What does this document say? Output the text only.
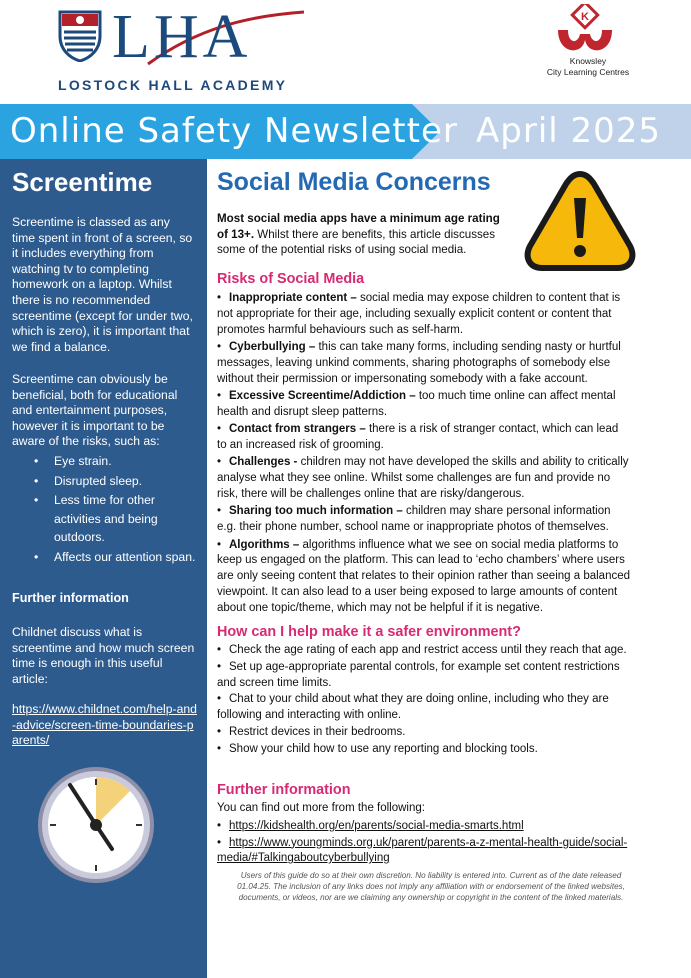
LHA
LOSTOCK HALL ACADEMY
K
Knowsley
City Learning Centres
Online Safety Newsletter April 2025
Screentime
Screentime is classed as any time spent in front of a screen, so it includes everything from watching tv to completing homework on a laptop. Whilst there is no recommended screentime (except for under two, which is zero), it is important that we find a balance.
Screentime can obviously be beneficial, both for educational and entertainment purposes, however it is important to be aware of the risks, such as:
• Eye strain.
• Disrupted sleep.
• Less time for other activities and being outdoors.
• Affects our attention span.
Further information
Childnet discuss what is screentime and how much screen time is enough in this useful article:
https://www.childnet.com/help-and-advice/screen-time-boundaries-parents/
Social Media Concerns
Most social media apps have a minimum age rating of 13+. Whilst there are benefits, this article discusses some of the potential risks of using social media.
Risks of Social Media
• Inappropriate content – social media may expose children to content that is not appropriate for their age, including sexually explicit content or content that promotes harmful behaviours such as self-harm.
• Cyberbullying – this can take many forms, including sending nasty or hurtful messages, leaving unkind comments, sharing photographs of somebody else without their permission or impersonating somebody with a fake account.
• Excessive Screentime/Addiction – too much time online can affect mental health and disrupt sleep patterns.
• Contact from strangers – there is a risk of stranger contact, which can lead to an increased risk of grooming.
• Challenges - children may not have developed the skills and ability to critically analyse what they see online. Whilst some challenges are fun and provide no risk, there will be challenges online that are risky/dangerous.
• Sharing too much information – children may share personal information e.g. their phone number, school name or inappropriate photos of themselves.
• Algorithms – algorithms influence what we see on social media platforms to keep us engaged on the platform. This can lead to ‘echo chambers’ where users are only seeing content that relates to their opinion rather than seeing a balanced viewpoint. It can also lead to a user being exposed to large amounts of content about one topic/theme, which may not be helpful if it is negative.
How can I help make it a safer environment?
• Check the age rating of each app and restrict access until they reach that age.
• Set up age-appropriate parental controls, for example set content restrictions and screen time limits.
• Chat to your child about what they are doing online, including who they are following and interacting with online.
• Restrict devices in their bedrooms.
• Show your child how to use any reporting and blocking tools.
Further information
You can find out more from the following:
• https://kidshealth.org/en/parents/social-media-smarts.html
• https://www.youngminds.org.uk/parent/parents-a-z-mental-health-guide/social-media/#Talkingaboutcyberbullying
Users of this guide do so at their own discretion. No liability is entered into. Current as of the date released 01.04.25. The inclusion of any links does not imply any affiliation with or endorsement of the linked websites, documents, or videos, nor are we claiming any ownership or copyright in the content of the linked materials.
